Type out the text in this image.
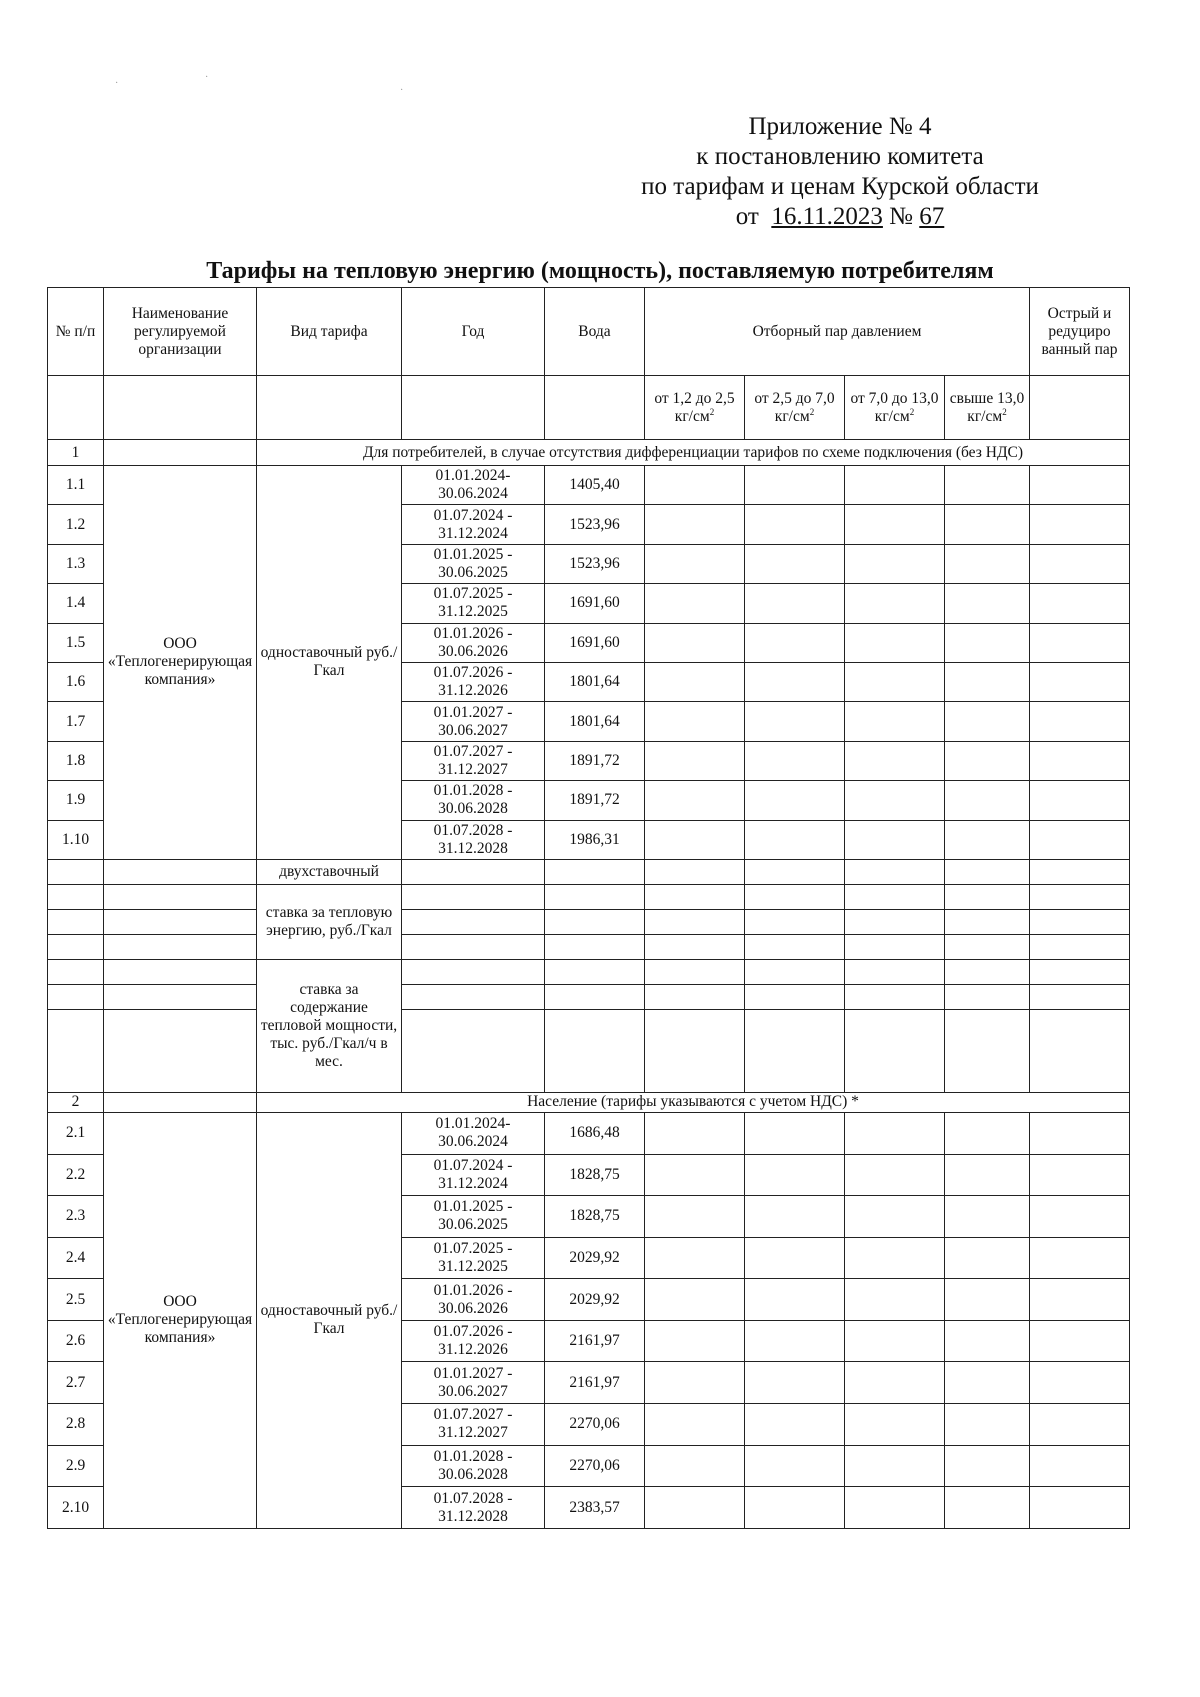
·
·
·
Приложение № 4
к постановлению комитета
по тарифам и ценам Курской области
от 16.11.2023 № 67
Тарифы на тепловую энергию (мощность), поставляемую потребителям
№ п/п	Наименование регулируемой организации	Вид тарифа	Год	Вода	Отборный пар давлением				Острый и редуциро ванный пар
					от 1,2 до 2,5 $кг/см^2$	от 2,5 до 7,0 $кг/см^2$	от 7,0 до 13,0 $кг/см^2$	свыше 13,0 $кг/см^2$	
1		Для потребителей, в случае отсутствия дифференциации тарифов по схеме подключения (без НДС)							
1.1	ООО «Теплогенерирующая компания»	одноставочный руб./Гкал	01.01.2024- 30.06.2024	1405,40					
1.2			01.07.2024 - 31.12.2024	1523,96					
1.3			01.01.2025 - 30.06.2025	1523,96					
1.4			01.07.2025 - 31.12.2025	1691,60					
1.5			01.01.2026 - 30.06.2026	1691,60					
1.6			01.07.2026 - 31.12.2026	1801,64					
1.7			01.01.2027 - 30.06.2027	1801,64					
1.8			01.07.2027 - 31.12.2027	1891,72					
1.9			01.01.2028 - 30.06.2028	1891,72					
1.10			01.07.2028 - 31.12.2028	1986,31					
		двухставочный							
		ставка за тепловую энергию, руб./Гкал							

		ставка за содержание тепловой мощности, тыс. руб./Гкал/ч в мес.							

2		Население (тарифы указываются с учетом НДС) *							
2.1	ООО «Теплогенерирующая компания»	одноставочный руб./Гкал	01.01.2024- 30.06.2024	1686,48					
2.2			01.07.2024 - 31.12.2024	1828,75					
2.3			01.01.2025 - 30.06.2025	1828,75					
2.4			01.07.2025 - 31.12.2025	2029,92					
2.5			01.01.2026 - 30.06.2026	2029,92					
2.6			01.07.2026 - 31.12.2026	2161,97					
2.7			01.01.2027 - 30.06.2027	2161,97					
2.8			01.07.2027 - 31.12.2027	2270,06					
2.9			01.01.2028 - 30.06.2028	2270,06					
2.10			01.07.2028 - 31.12.2028	2383,57					
